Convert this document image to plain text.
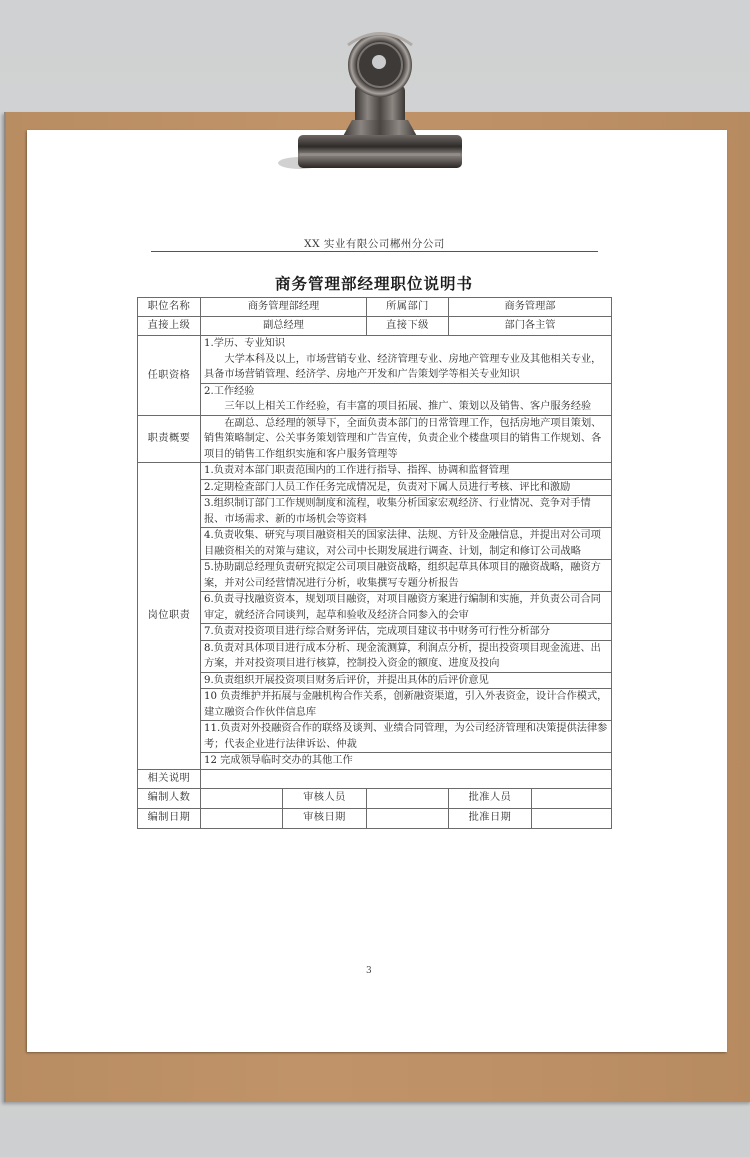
XX 实业有限公司郴州分公司
商务管理部经理职位说明书
职位名称	商务管理部经理		所属部门	商务管理部	
直接上级	副总经理		直接下级	部门各主管	
任职资格	1.学历、专业知识
大学本科及以上，市场营销专业、经济管理专业、房地产管理专业及其他相关专业，具备市场营销管理、经济学、房地产开发和广告策划学等相关专业知识				

	2.工作经验
三年以上相关工作经验，有丰富的项目拓展、推广、策划以及销售、客户服务经验				

职责概要	在副总、总经理的领导下，全面负责本部门的日常管理工作，包括房地产项目策划、销售策略制定、公关事务策划管理和广告宣传，负责企业个楼盘项目的销售工作规划、各项目的销售工作组织实施和客户服务管理等				
岗位职责	1.负责对本部门职责范围内的工作进行指导、指挥、协调和监督管理				
	2.定期检查部门人员工作任务完成情况是，负责对下属人员进行考核、评比和激励				
	3.组织制订部门工作规则制度和流程，收集分析国家宏观经济、行业情况、竞争对手情报、市场需求、新的市场机会等资料				
	4.负责收集、研究与项目融资相关的国家法律、法规、方针及金融信息，并提出对公司项目融资相关的对策与建议，对公司中长期发展进行调查、计划，制定和修订公司战略				
	5.协助副总经理负责研究拟定公司项目融资战略，组织起草具体项目的融资战略，融资方案，并对公司经营情况进行分析，收集撰写专题分析报告				
	6.负责寻找融资资本，规划项目融资，对项目融资方案进行编制和实施，并负责公司合同审定，就经济合同谈判，起草和验收及经济合同参入的会审				
	7.负责对投资项目进行综合财务评估，完成项目建议书中财务可行性分析部分				
	8.负责对具体项目进行成本分析、现金流测算，利润点分析，提出投资项目现金流进、出方案，并对投资项目进行核算，控制投入资金的额度、进度及投向				
	9.负责组织开展投资项目财务后评价，并提出具体的后评价意见				
	10 负责维护并拓展与金融机构合作关系，创新融资渠道，引入外表资金，设计合作模式，建立融资合作伙伴信息库				
	11.负责对外投融资合作的联络及谈判、业绩合同管理，为公司经济管理和决策提供法律参考；代表企业进行法律诉讼、仲裁				
	12 完成领导临时交办的其他工作				
相关说明					
编制人数		审核人员		批准人员	
编制日期		审核日期		批准日期	
3
